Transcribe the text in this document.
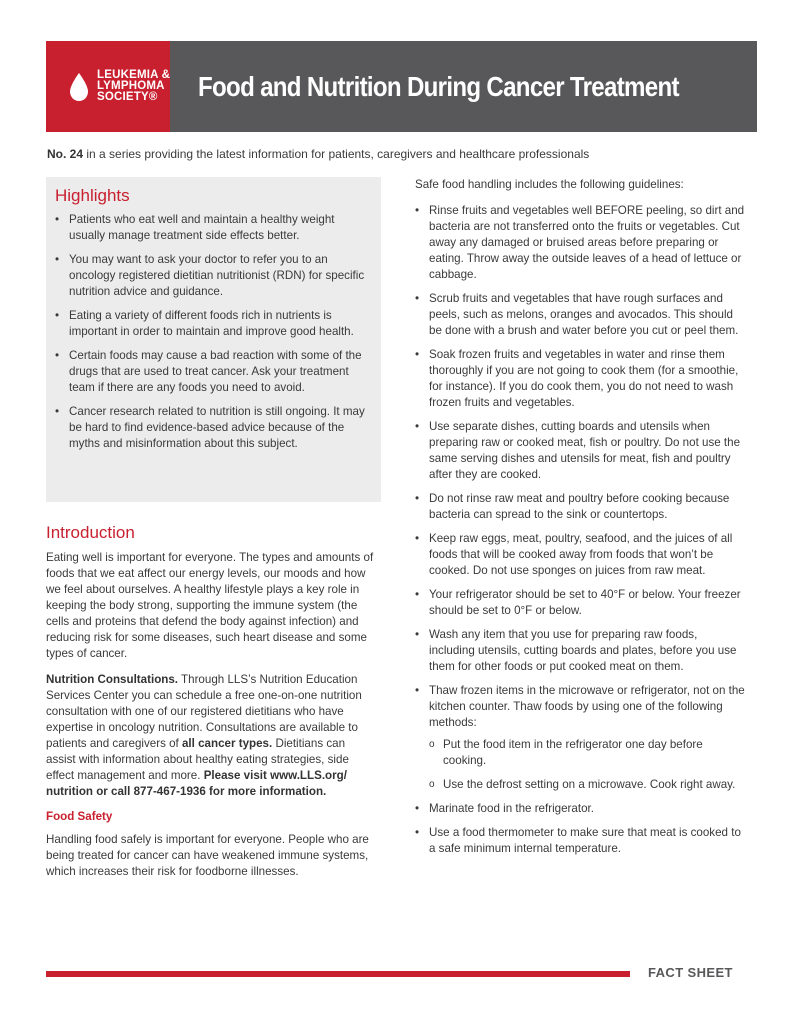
LEUKEMIA &
LYMPHOMA
SOCIETY®	Food and Nutrition During Cancer Treatment
No. 24 in a series providing the latest information for patients, caregivers and healthcare professionals
Highlights
• Patients who eat well and maintain a healthy weight usually manage treatment side effects better.
• You may want to ask your doctor to refer you to an oncology registered dietitian nutritionist (RDN) for specific nutrition advice and guidance.
• Eating a variety of different foods rich in nutrients is important in order to maintain and improve good health.
• Certain foods may cause a bad reaction with some of the drugs that are used to treat cancer. Ask your treatment team if there are any foods you need to avoid.
• Cancer research related to nutrition is still ongoing. It may be hard to find evidence-based advice because of the myths and misinformation about this subject.
Introduction

Eating well is important for everyone. The types and amounts of foods that we eat affect our energy levels, our moods and how we feel about ourselves. A healthy lifestyle plays a key role in keeping the body strong, supporting the immune system (the cells and proteins that defend the body against infection) and reducing risk for some diseases, such heart disease and some types of cancer.

Nutrition Consultations. Through LLS’s Nutrition Education Services Center you can schedule a free one-on-one nutrition consultation with one of our registered dietitians who have expertise in oncology nutrition. Consultations are available to patients and caregivers of all cancer types. Dietitians can assist with information about healthy eating strategies, side effect management and more. Please visit www.LLS.org/ nutrition or call 877-467-1936 for more information.

Food Safety

Handling food safely is important for everyone. People who are being treated for cancer can have weakened immune systems, which increases their risk for foodborne illnesses.

Safe food handling includes the following guidelines:

• Rinse fruits and vegetables well BEFORE peeling, so dirt and bacteria are not transferred onto the fruits or vegetables. Cut away any damaged or bruised areas before preparing or eating. Throw away the outside leaves of a head of lettuce or cabbage.
• Scrub fruits and vegetables that have rough surfaces and peels, such as melons, oranges and avocados. This should be done with a brush and water before you cut or peel them.
• Soak frozen fruits and vegetables in water and rinse them thoroughly if you are not going to cook them (for a smoothie, for instance). If you do cook them, you do not need to wash frozen fruits and vegetables.
• Use separate dishes, cutting boards and utensils when preparing raw or cooked meat, fish or poultry. Do not use the same serving dishes and utensils for meat, fish and poultry after they are cooked.
• Do not rinse raw meat and poultry before cooking because bacteria can spread to the sink or countertops.
• Keep raw eggs, meat, poultry, seafood, and the juices of all foods that will be cooked away from foods that won’t be cooked. Do not use sponges on juices from raw meat.
• Your refrigerator should be set to 40°F or below. Your freezer should be set to 0°F or below.
• Wash any item that you use for preparing raw foods, including utensils, cutting boards and plates, before you use them for other foods or put cooked meat on them.
• Thaw frozen items in the microwave or refrigerator, not on the kitchen counter. Thaw foods by using one of the following methods:
o Put the food item in the refrigerator one day before cooking.
o Use the defrost setting on a microwave. Cook right away.
• Marinate food in the refrigerator.
• Use a food thermometer to make sure that meat is cooked to a safe minimum internal temperature.
FACT SHEET
